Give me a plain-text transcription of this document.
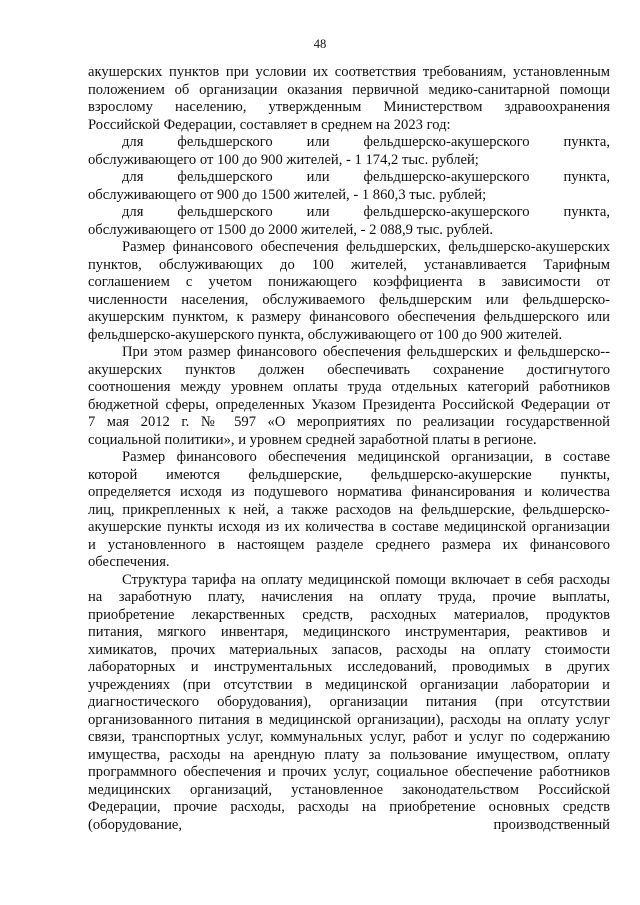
48

акушерских пунктов при условии их соответствия требованиям, установленным
положением об организации оказания первичной медико-санитарной помощи
взрослому населению, утвержденным Министерством здравоохранения
Российской Федерации, составляет в среднем на 2023 год:

для фельдшерского или фельдшерско-акушерского пункта,
обслуживающего от 100 до 900 жителей, - 1 174,2 тыс. рублей;

для фельдшерского или фельдшерско-акушерского пункта,
обслуживающего от 900 до 1500 жителей, - 1 860,3 тыс. рублей;

для фельдшерского или фельдшерско-акушерского пункта,
обслуживающего от 1500 до 2000 жителей, - 2 088,9 тыс. рублей.

Размер финансового обеспечения фельдшерских, фельдшерско-акушерских
пунктов, обслуживающих до 100 жителей, устанавливается Тарифным
соглашением с учетом понижающего коэффициента в зависимости от
численности населения, обслуживаемого фельдшерским или фельдшерско-
акушерским пунктом, к размеру финансового обеспечения фельдшерского или
фельдшерско-акушерского пункта, обслуживающего от 100 до 900 жителей.

При этом размер финансового обеспечения фельдшерских и фельдшерско--
акушерских пунктов должен обеспечивать сохранение достигнутого
соотношения между уровнем оплаты труда отдельных категорий работников
бюджетной сферы, определенных Указом Президента Российской Федерации от
7 мая 2012 г. № 597 «О мероприятиях по реализации государственной
социальной политики», и уровнем средней заработной платы в регионе.

Размер финансового обеспечения медицинской организации, в составе
которой имеются фельдшерские, фельдшерско-акушерские пункты,
определяется исходя из подушевого норматива финансирования и количества
лиц, прикрепленных к ней, а также расходов на фельдшерские, фельдшерско-
акушерские пункты исходя из их количества в составе медицинской организации
и установленного в настоящем разделе среднего размера их финансового
обеспечения.

Структура тарифа на оплату медицинской помощи включает в себя расходы
на заработную плату, начисления на оплату труда, прочие выплаты,
приобретение лекарственных средств, расходных материалов, продуктов
питания, мягкого инвентаря, медицинского инструментария, реактивов и
химикатов, прочих материальных запасов, расходы на оплату стоимости
лабораторных и инструментальных исследований, проводимых в других
учреждениях (при отсутствии в медицинской организации лаборатории и
диагностического оборудования), организации питания (при отсутствии
организованного питания в медицинской организации), расходы на оплату услуг
связи, транспортных услуг, коммунальных услуг, работ и услуг по содержанию
имущества, расходы на арендную плату за пользование имуществом, оплату
программного обеспечения и прочих услуг, социальное обеспечение работников
медицинских организаций, установленное законодательством Российской
Федерации, прочие расходы, расходы на приобретение основных средств
(оборудование, производственный
